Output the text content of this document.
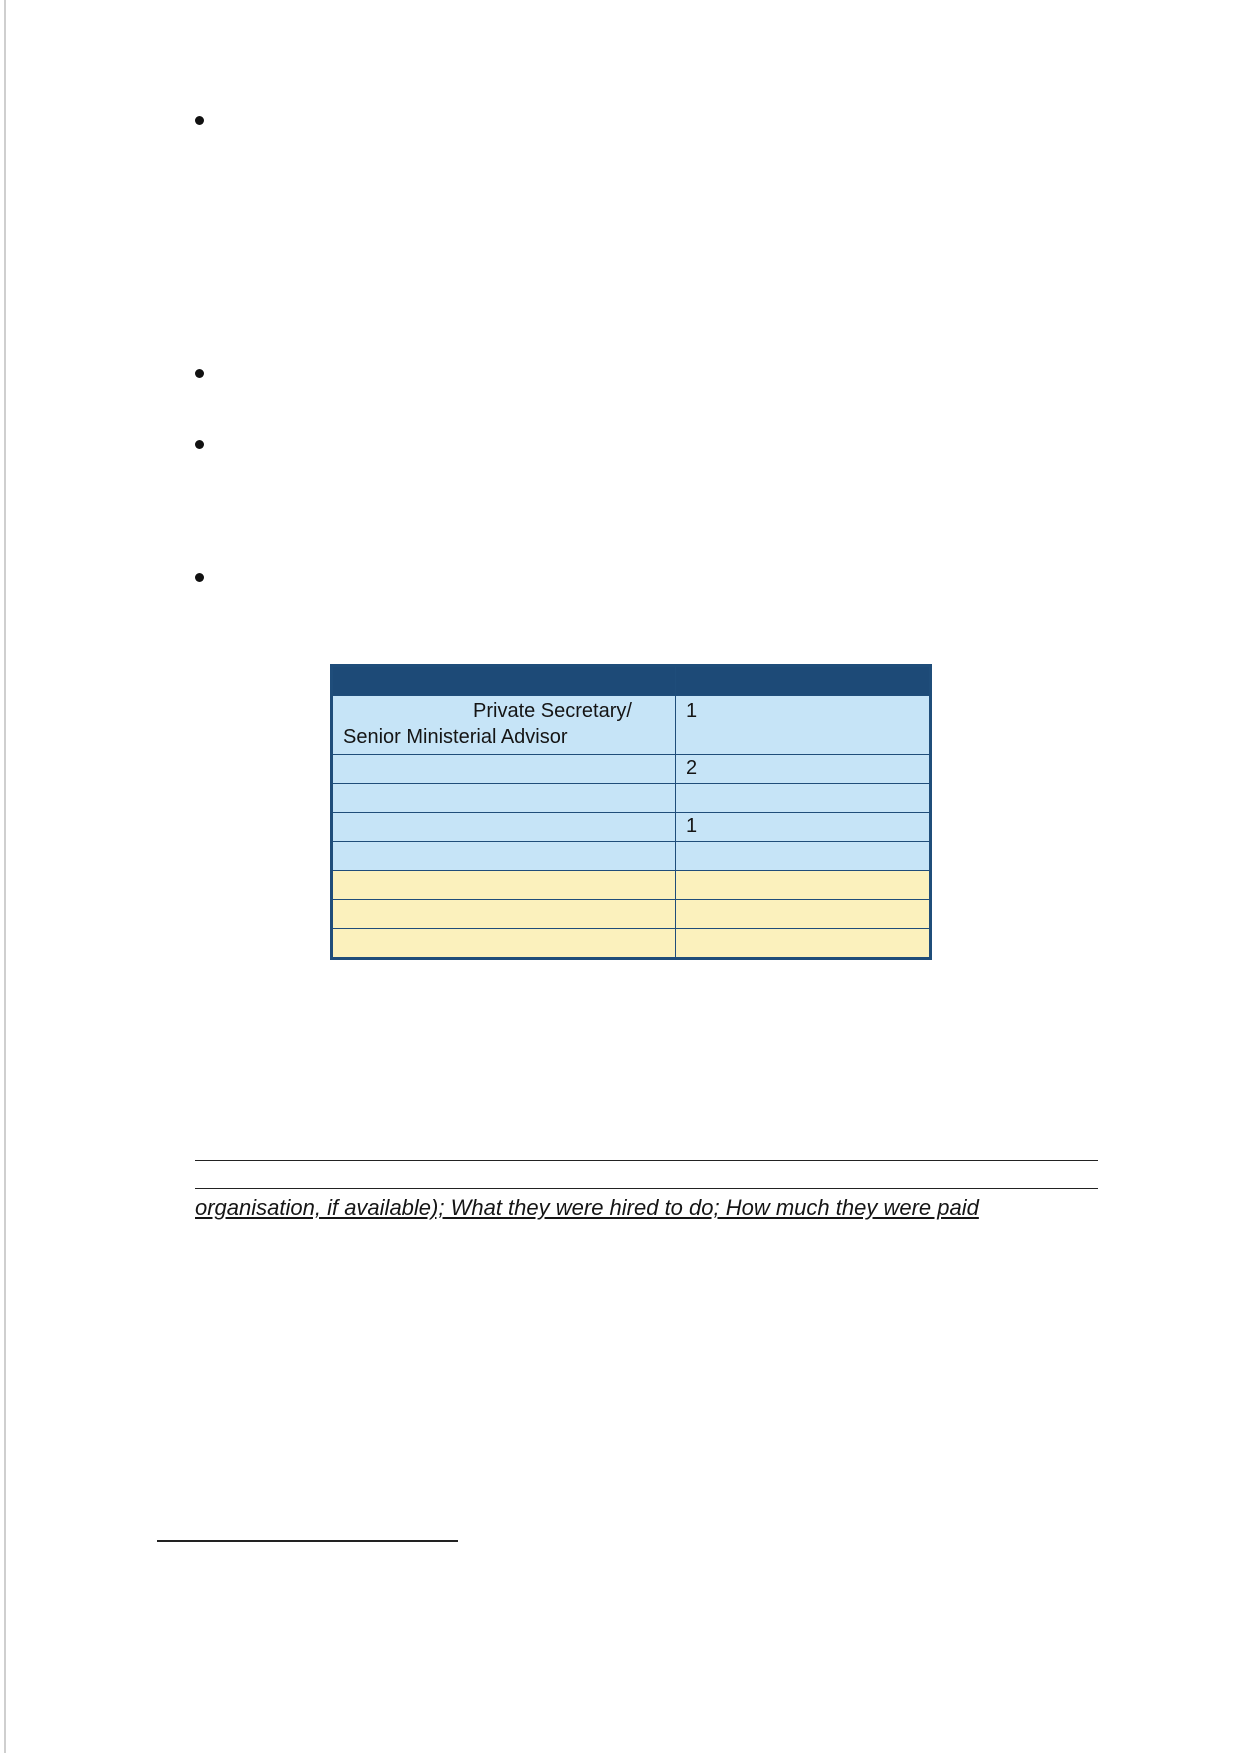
Private Secretary/
Senior Ministerial Advisor	1
	2

	1

organisation, if available); What they were hired to do; How much they were paid
